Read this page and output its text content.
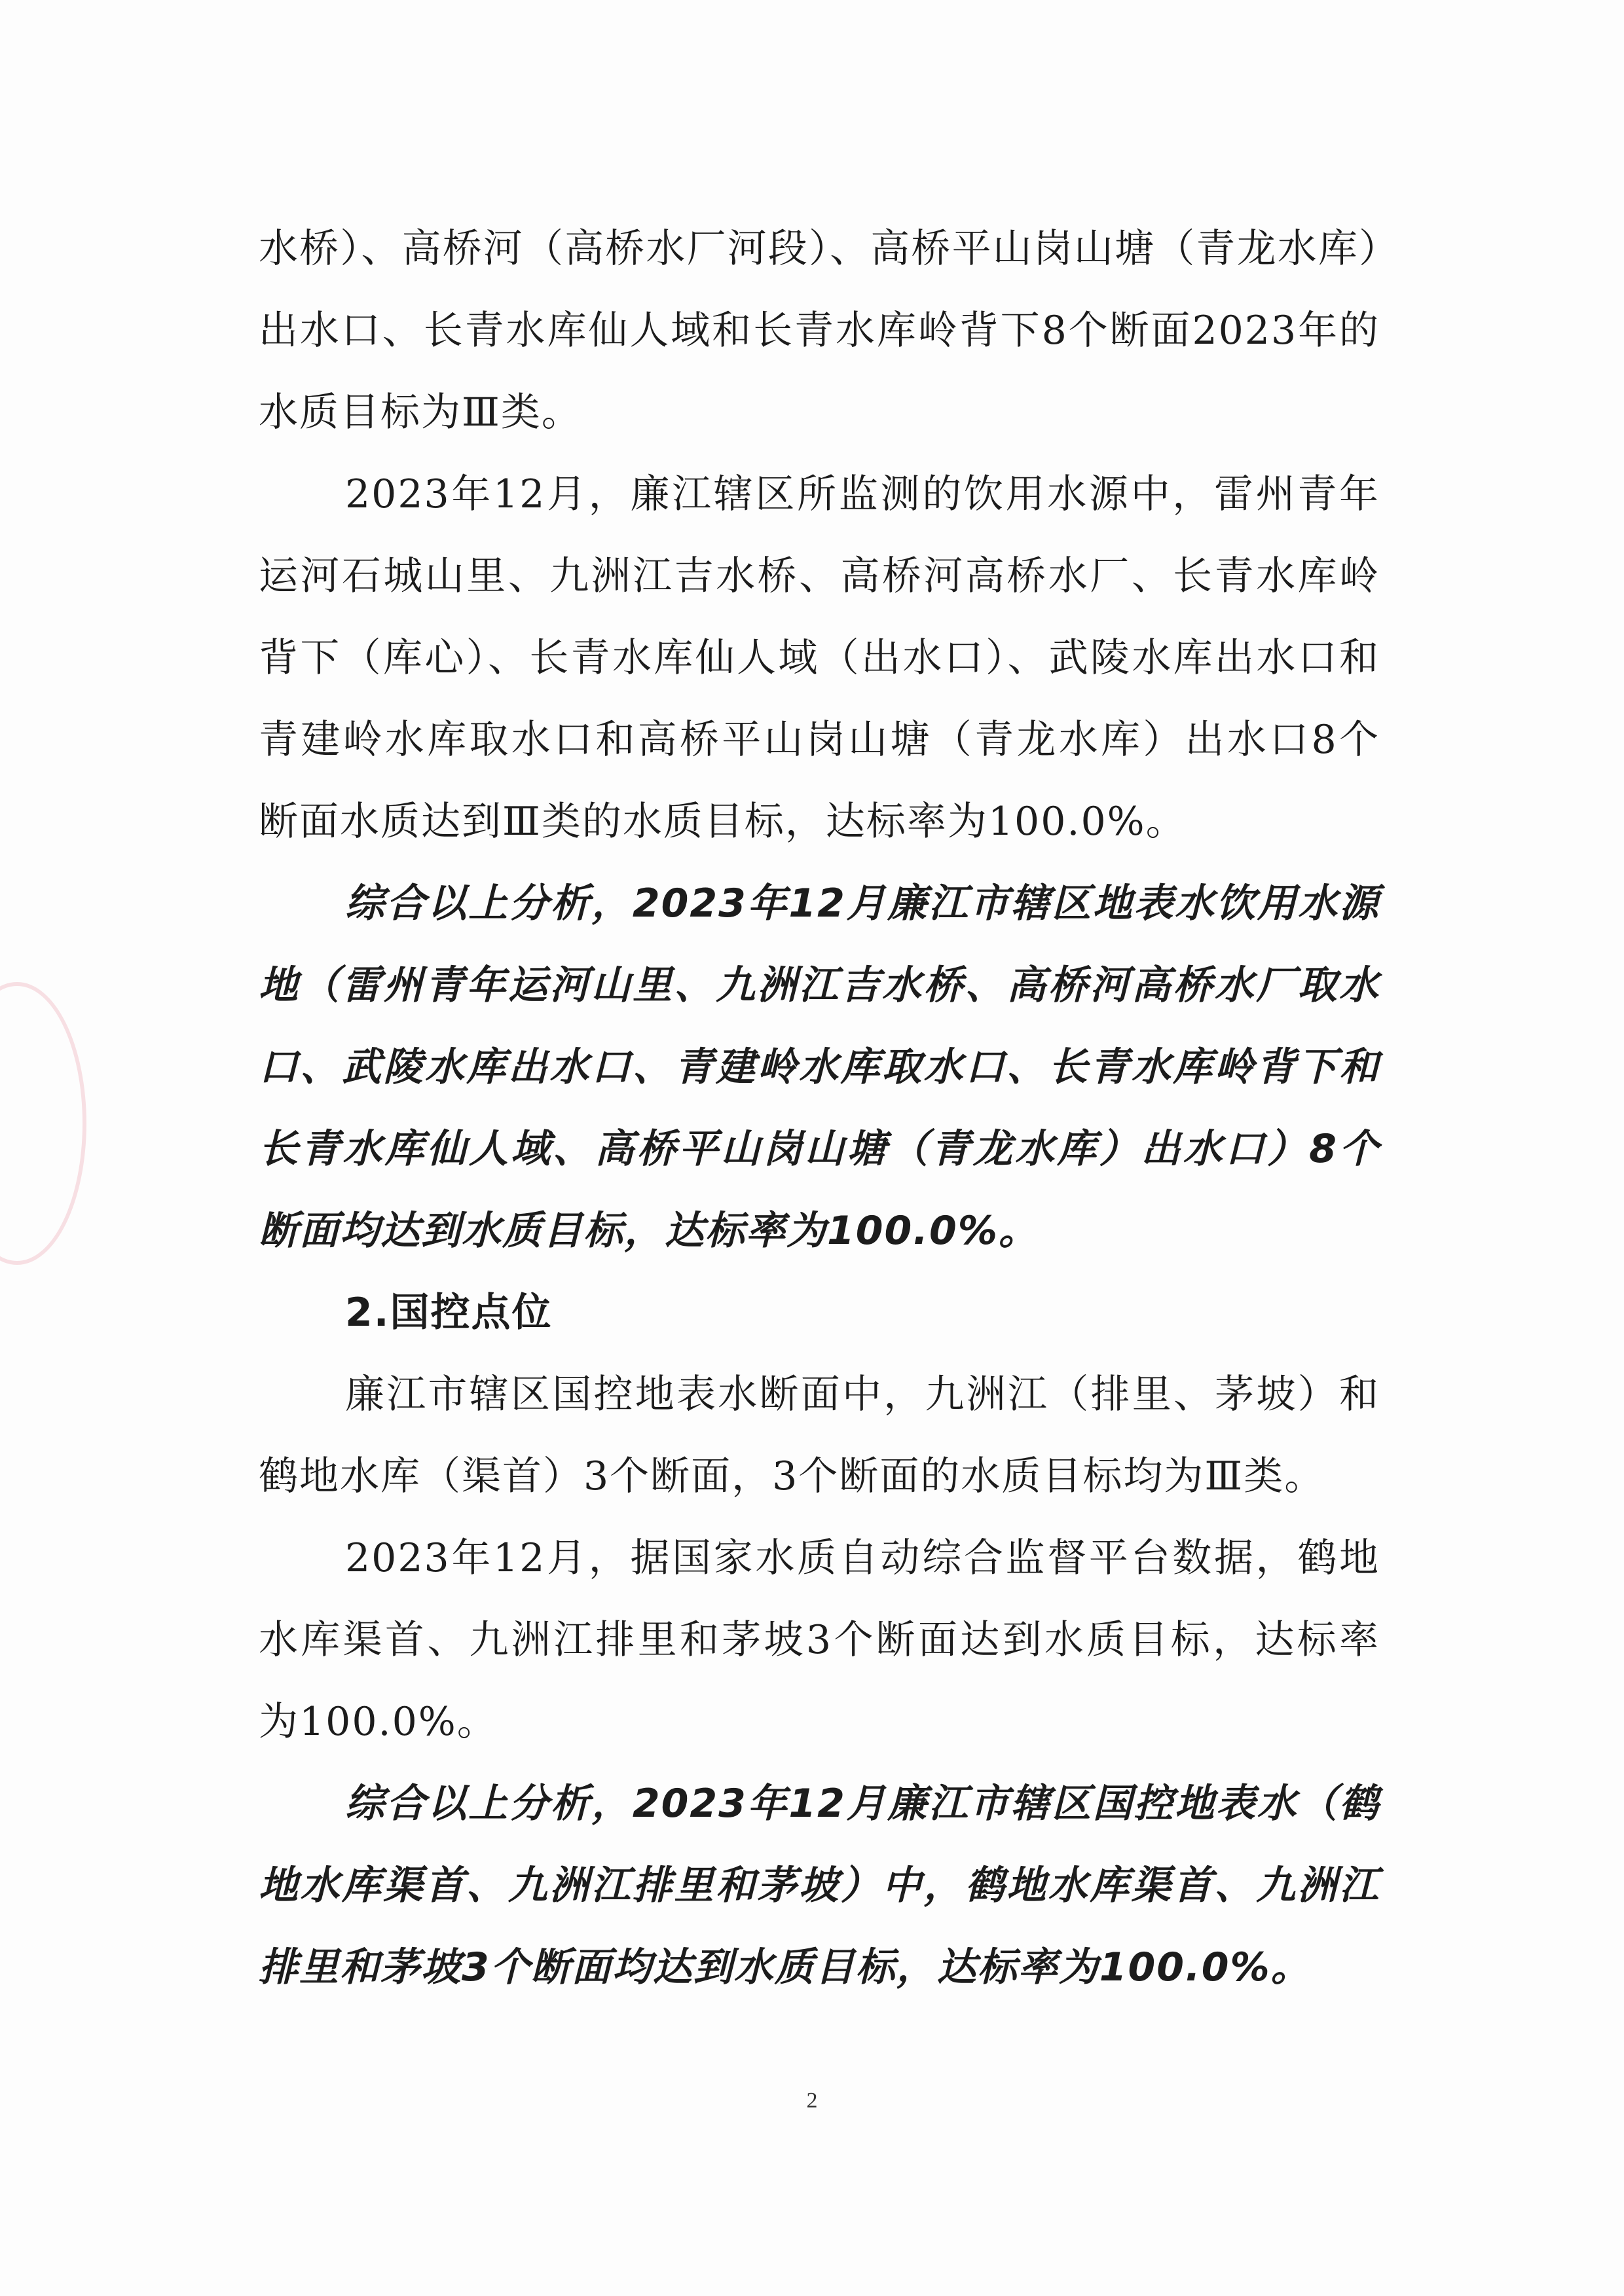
水桥）、高桥河（高桥水厂河段）、高桥平山岗山塘（青龙水库）出水口、长青水库仙人域和长青水库岭背下8个断面2023年的水质目标为Ⅲ类。

2023年12月，廉江辖区所监测的饮用水源中，雷州青年运河石城山里、九洲江吉水桥、高桥河高桥水厂、长青水库岭背下（库心）、长青水库仙人域（出水口）、武陵水库出水口和青建岭水库取水口和高桥平山岗山塘（青龙水库）出水口8个断面水质达到Ⅲ类的水质目标，达标率为100.0%。

综合以上分析，2023年12月廉江市辖区地表水饮用水源地（雷州青年运河山里、九洲江吉水桥、高桥河高桥水厂取水口、武陵水库出水口、青建岭水库取水口、长青水库岭背下和长青水库仙人域、高桥平山岗山塘（青龙水库）出水口）8个断面均达到水质目标，达标率为100.0%。

2.国控点位

廉江市辖区国控地表水断面中，九洲江（排里、茅坡）和鹤地水库（渠首）3个断面，3个断面的水质目标均为Ⅲ类。

2023年12月，据国家水质自动综合监督平台数据，鹤地水库渠首、九洲江排里和茅坡3个断面达到水质目标，达标率为100.0%。

综合以上分析，2023年12月廉江市辖区国控地表水（鹤地水库渠首、九洲江排里和茅坡）中，鹤地水库渠首、九洲江排里和茅坡3个断面均达到水质目标，达标率为100.0%。

2
